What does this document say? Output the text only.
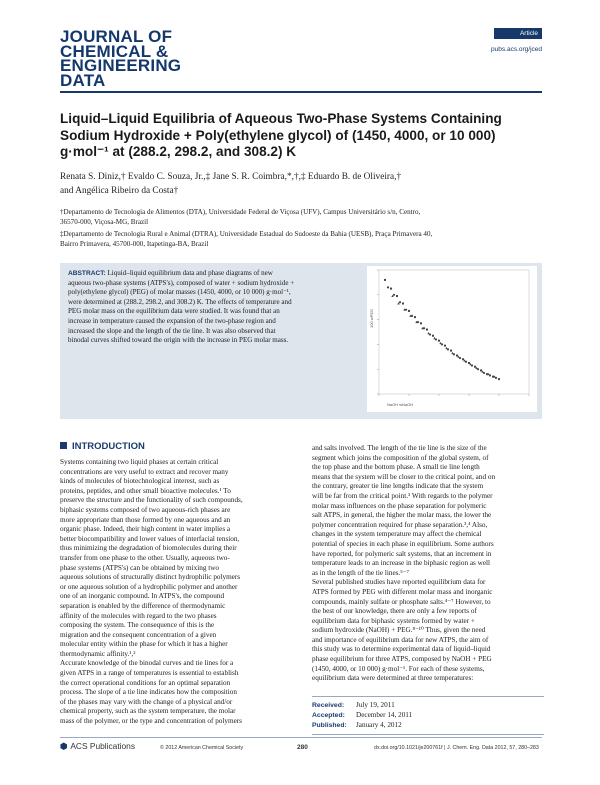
JOURNAL OF
CHEMICAL &
ENGINEERING
DATA
Article
pubs.acs.org/jced
Liquid–Liquid Equilibria of Aqueous Two-Phase Systems Containing
Sodium Hydroxide + Poly(ethylene glycol) of (1450, 4000, or 10 000)
g·mol⁻¹ at (288.2, 298.2, and 308.2) K
Renata S. Diniz,† Evaldo C. Souza, Jr.,‡ Jane S. R. Coimbra,*,†,‡ Eduardo B. de Oliveira,†
and Angélica Ribeiro da Costa†
†Departamento de Tecnologia de Alimentos (DTA), Universidade Federal de Viçosa (UFV), Campus Universitário s/n, Centro,
36570-000, Viçosa-MG, Brazil
‡Departamento de Tecnologia Rural e Animal (DTRA), Universidade Estadual do Sudoeste da Bahia (UESB), Praça Primavera 40,
Bairro Primavera, 45700-000, Itapetinga-BA, Brazil
ABSTRACT: Liquid–liquid equilibrium data and phase diagrams of new
aqueous two-phase systems (ATPS's), composed of water + sodium hydroxide +
poly(ethylene glycol) (PEG) of molar masses (1450, 4000, or 10 000) g·mol⁻¹,
were determined at (288.2, 298.2, and 308.2) K. The effects of temperature and
PEG molar mass on the equilibrium data were studied. It was found that an
increase in temperature caused the expansion of the two-phase region and
increased the slope and the length of the tie line. It was also observed that
binodal curves shifted toward the origin with the increase in PEG molar mass.
100 wPEG
NaOH wNaOH
INTRODUCTION
Systems containing two liquid phases at certain critical
concentrations are very useful to extract and recover many
kinds of molecules of biotechnological interest, such as
proteins, peptides, and other small bioactive molecules.¹ To
preserve the structure and the functionality of such compounds,
biphasic systems composed of two aqueous-rich phases are
more appropriate than those formed by one aqueous and an
organic phase. Indeed, their high content in water implies a
better biocompatibility and lower values of interfacial tension,
thus minimizing the degradation of biomolecules during their
transfer from one phase to the other. Usually, aqueous two-
phase systems (ATPS's) can be obtained by mixing two
aqueous solutions of structurally distinct hydrophilic polymers
or one aqueous solution of a hydrophilic polymer and another
one of an inorganic compound. In ATPS's, the compound
separation is enabled by the difference of thermodynamic
affinity of the molecules with regard to the two phases
composing the system. The consequence of this is the
migration and the consequent concentration of a given
molecular entity within the phase for which it has a higher
thermodynamic affinity.¹,²
Accurate knowledge of the binodal curves and tie lines for a
given ATPS in a range of temperatures is essential to establish
the correct operational conditions for an optimal separation
process. The slope of a tie line indicates how the composition
of the phases may vary with the change of a physical and/or
chemical property, such as the system temperature, the molar
mass of the polymer, or the type and concentration of polymers
and salts involved. The length of the tie line is the size of the
segment which joins the composition of the global system, of
the top phase and the bottom phase. A small tie line length
means that the system will be closer to the critical point, and on
the contrary, greater tie line lengths indicate that the system
will be far from the critical point.³ With regards to the polymer
molar mass influences on the phase separation for polymeric
salt ATPS, in general, the higher the molar mass, the lower the
polymer concentration required for phase separation.³,⁴ Also,
changes in the system temperature may affect the chemical
potential of species in each phase in equilibrium. Some authors
have reported, for polymeric salt systems, that an increment in
temperature leads to an increase in the biphasic region as well
as in the length of the tie lines.⁵⁻⁷
Several published studies have reported equilibrium data for
ATPS formed by PEG with different molar mass and inorganic
compounds, mainly sulfate or phosphate salts.⁴⁻⁷ However, to
the best of our knowledge, there are only a few reports of
equilibrium data for biphasic systems formed by water +
sodium hydroxide (NaOH) + PEG.⁸⁻¹⁰ Thus, given the need
and importance of equilibrium data for new ATPS, the aim of
this study was to determine experimental data of liquid–liquid
phase equilibrium for three ATPS, composed by NaOH + PEG
(1450, 4000, or 10 000) g·mol⁻¹. For each of these systems,
equilibrium data were determined at three temperatures:
Received: July 19, 2011
Accepted: December 14, 2011
Published: January 4, 2012
⬢ ACS Publications	© 2012 American Chemical Society	280	dx.doi.org/10.1021/je200761f | J. Chem. Eng. Data 2012, 57, 280–283
